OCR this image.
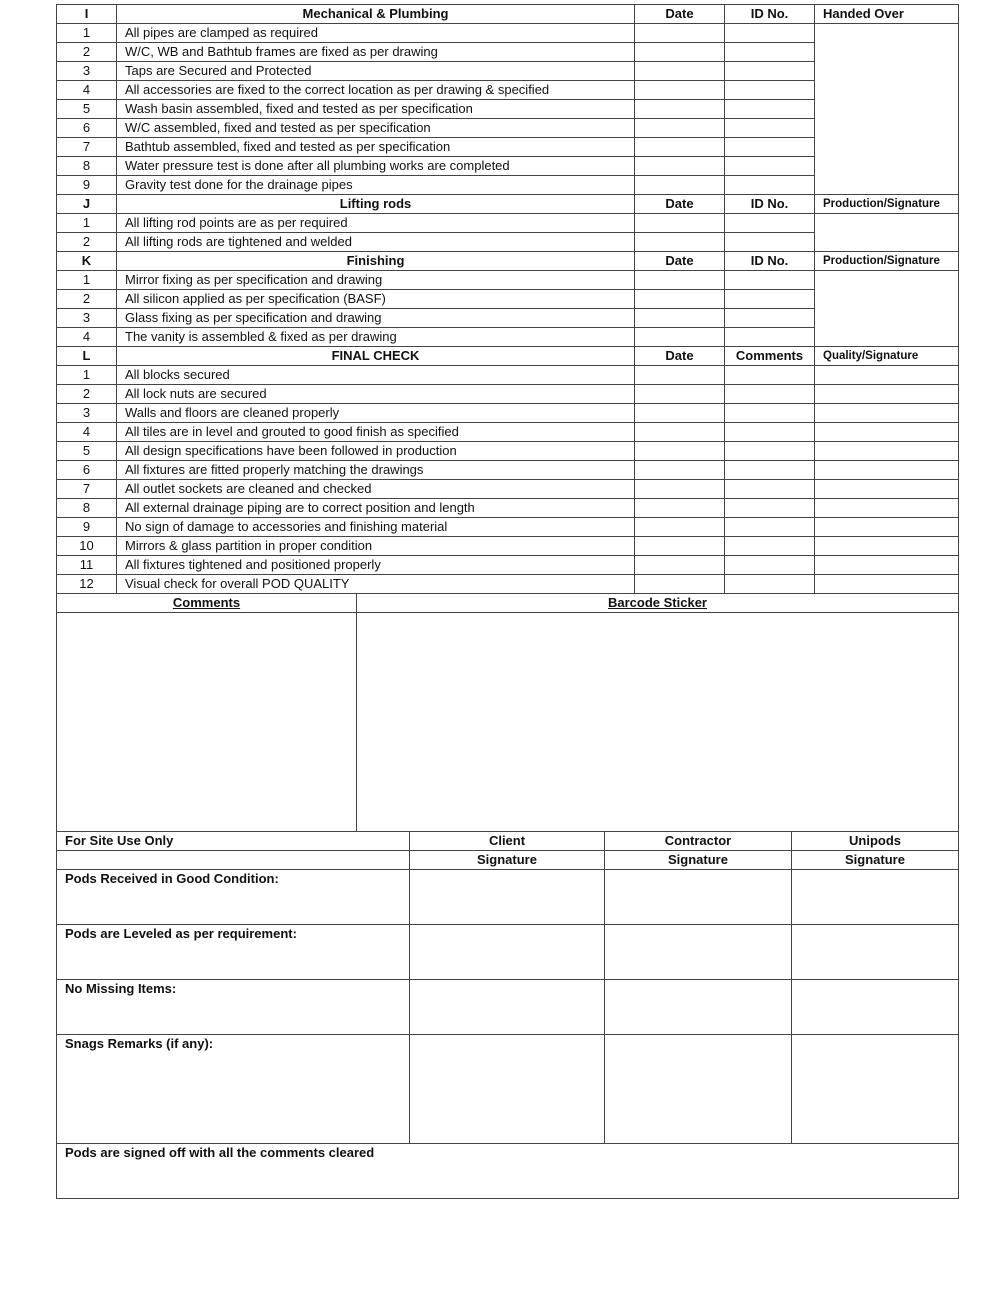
I	Mechanical & Plumbing	Date	ID No.	Handed Over
1	All pipes are clamped as required			
2	W/C, WB and Bathtub frames are fixed as per drawing			
3	Taps are Secured and Protected			
4	All accessories are fixed to the correct location as per drawing & specified			
5	Wash basin assembled, fixed and tested as per specification			
6	W/C assembled, fixed and tested as per specification			
7	Bathtub assembled, fixed and tested as per specification			
8	Water pressure test is done after all plumbing works are completed			
9	Gravity test done for the drainage pipes			
J	Lifting rods	Date	ID No.	Production/Signature
1	All lifting rod points are as per required			
2	All lifting rods are tightened and welded			
K	Finishing	Date	ID No.	Production/Signature
1	Mirror fixing as per specification and drawing			
2	All silicon applied as per specification (BASF)			
3	Glass fixing as per specification and drawing			
4	The vanity is assembled & fixed as per drawing			
L	FINAL CHECK	Date	Comments	Quality/Signature
1	All blocks secured			
2	All lock nuts are secured			
3	Walls and floors are cleaned properly			
4	All tiles are in level and grouted to good finish as specified			
5	All design specifications have been followed in production			
6	All fixtures are fitted properly matching the drawings			
7	All outlet sockets are cleaned and checked			
8	All external drainage piping are to correct position and length			
9	No sign of damage to accessories and finishing material			
10	Mirrors & glass partition in proper condition			
11	All fixtures tightened and positioned properly			
12	Visual check for overall POD QUALITY			
Comments	Barcode Sticker

For Site Use Only	Client	Contractor	Unipods
	Signature	Signature	Signature
Pods Received in Good Condition:			
Pods are Leveled as per requirement:			
No Missing Items:			
Snags Remarks (if any):			
Pods are signed off with all the comments cleared			
